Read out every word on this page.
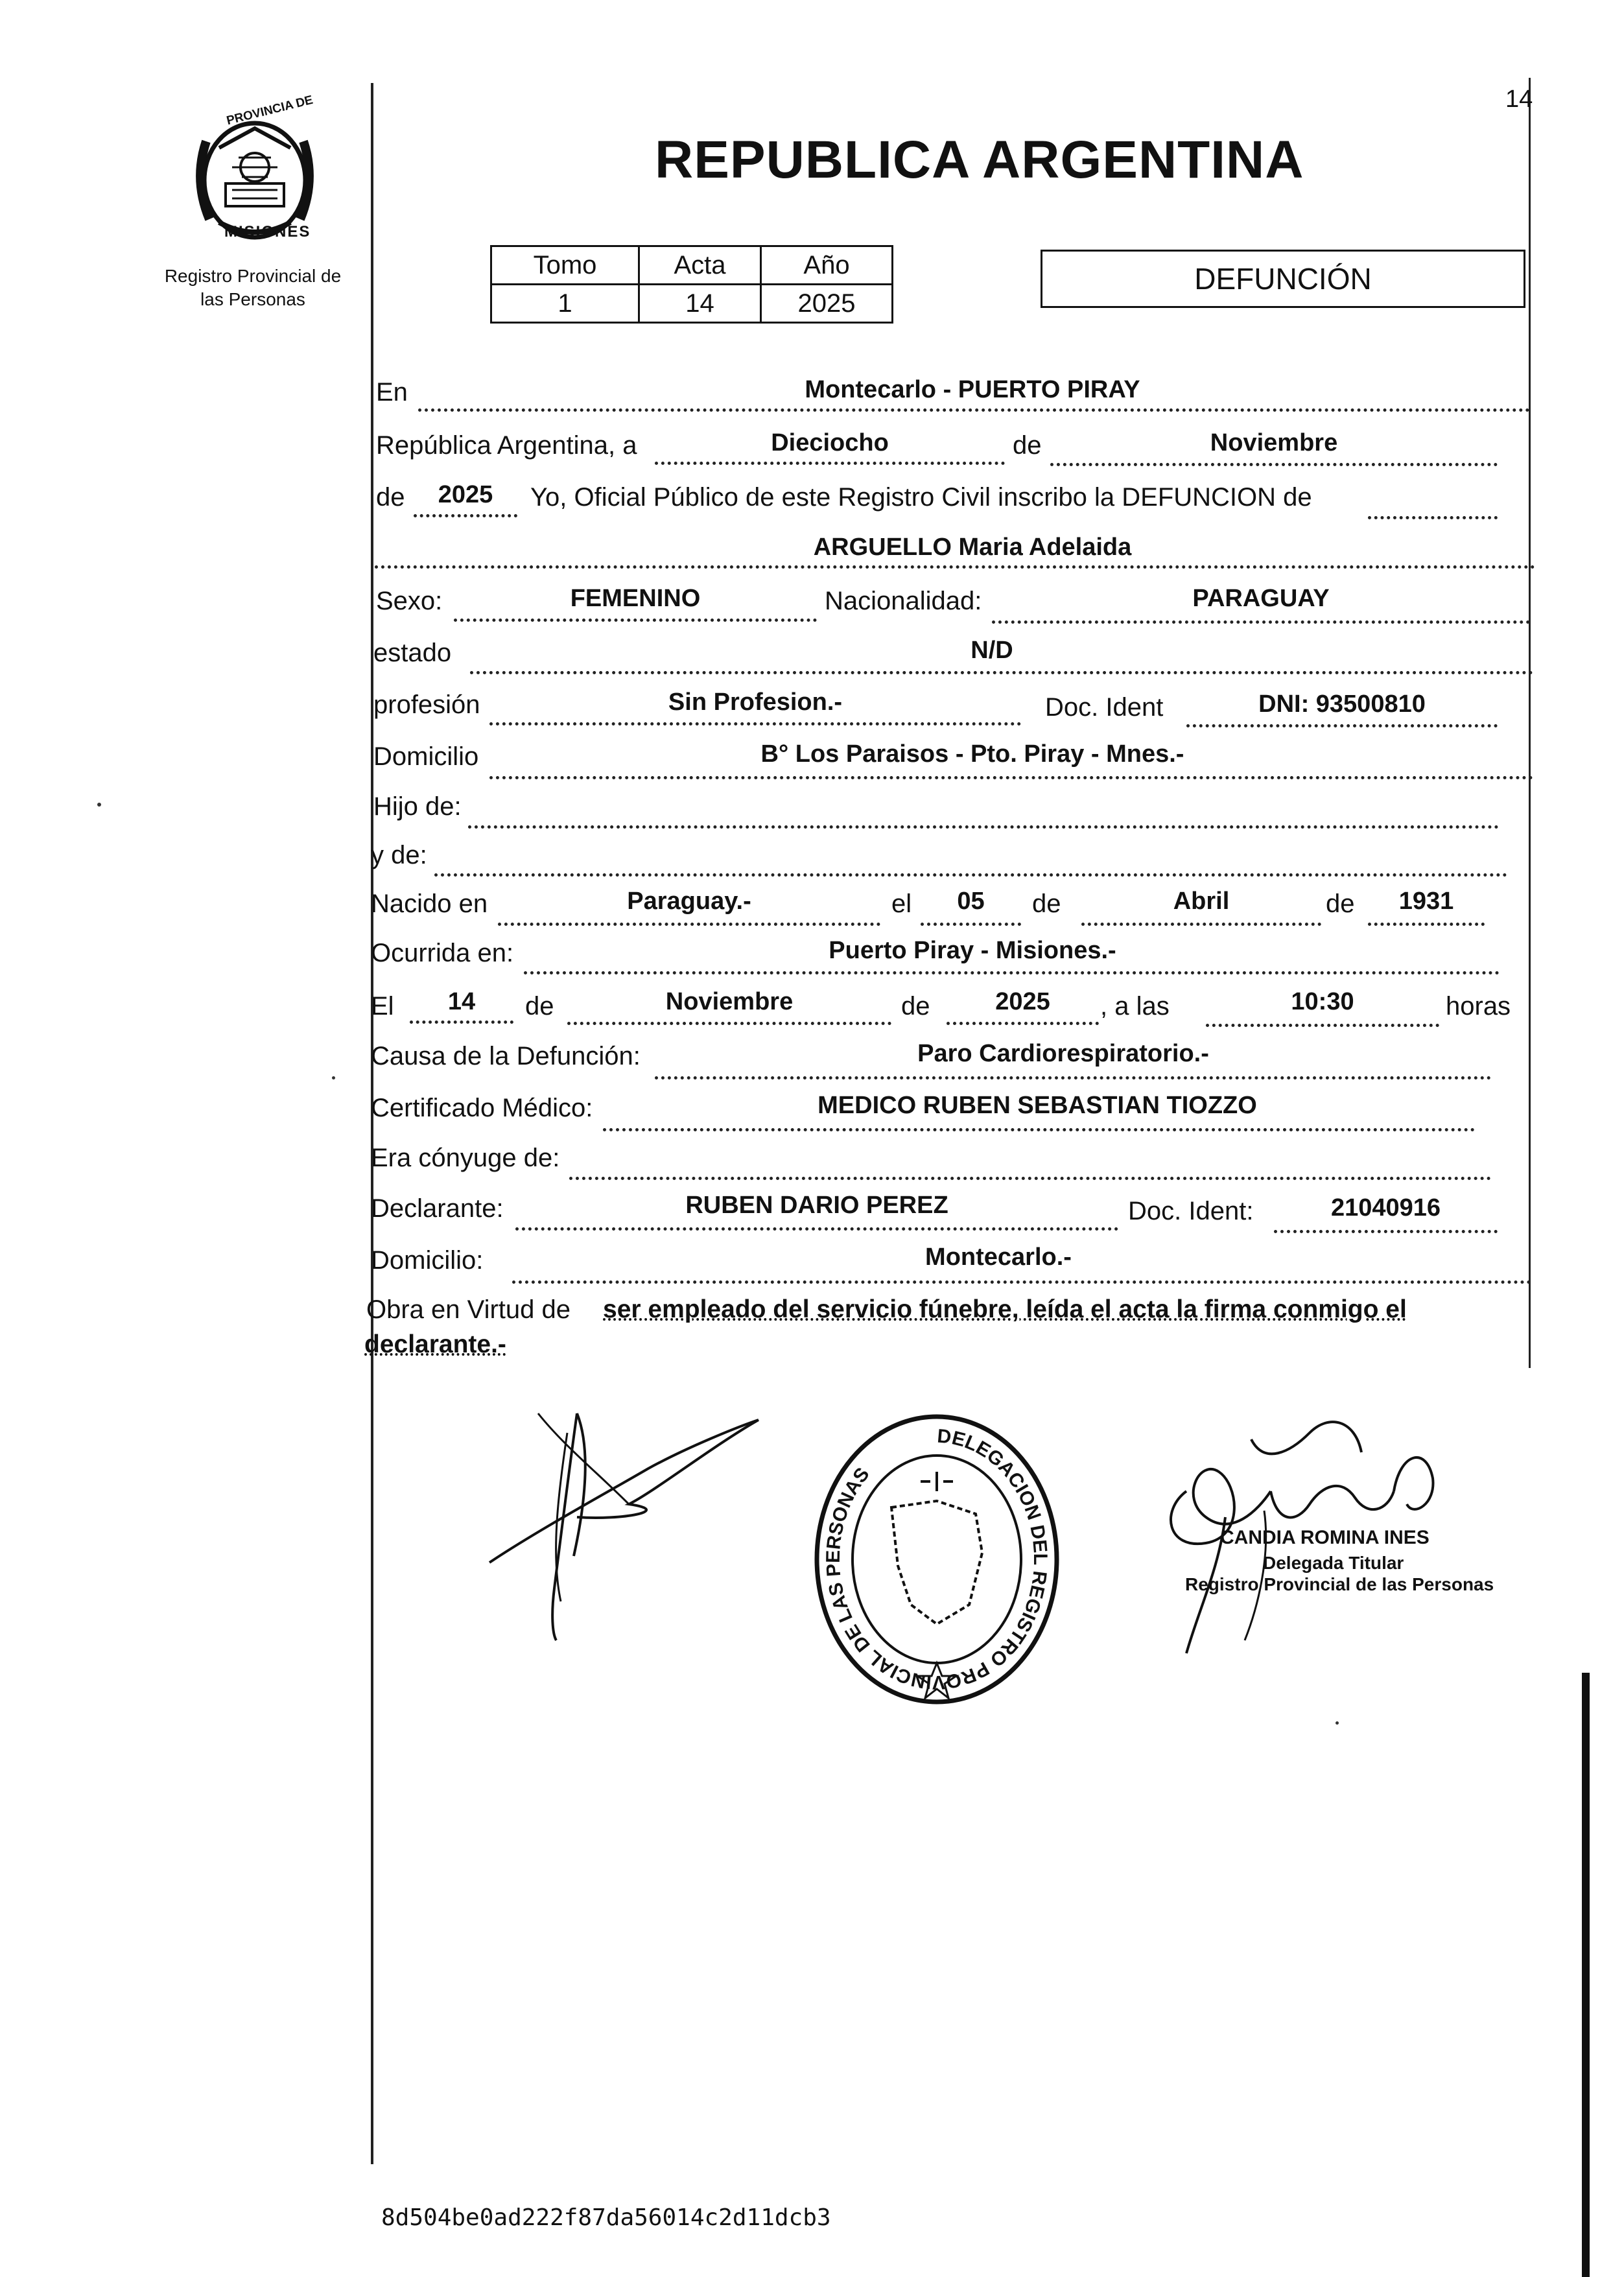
PROVINCIA DE
MISIONES
Registro Provincial de
las Personas
14
REPUBLICA ARGENTINA
Tomo	Acta	Año
1	14	2025
DEFUNCIÓN
En	Montecarlo - PUERTO PIRAY
República Argentina, a	Dieciocho	de	Noviembre
de	2025	Yo, Oficial Público de este Registro Civil inscribo la DEFUNCION de
ARGUELLO Maria Adelaida
Sexo:	FEMENINO	Nacionalidad:	PARAGUAY
estado	N/D
profesión	Sin Profesion.-	Doc. Ident	DNI: 93500810
Domicilio	B° Los Paraisos - Pto. Piray - Mnes.-
Hijo de:
y de:
Nacido en	Paraguay.-	el	05	de	Abril	de	1931
Ocurrida en:	Puerto Piray - Misiones.-
El	14	de	Noviembre	de	2025	, a las	10:30	horas
Causa de la Defunción:	Paro Cardiorespiratorio.-
Certificado Médico:	MEDICO RUBEN SEBASTIAN TIOZZO
Era cónyuge de:
Declarante:	RUBEN DARIO PEREZ	Doc. Ident:	21040916
Domicilio:	Montecarlo.-
Obra en Virtud de ser empleado del servicio fúnebre, leída el acta la firma conmigo el
declarante.-
DELEGACION DEL REGISTRO PROVINCIAL DE LAS PERSONAS
CANDIA ROMINA INES
Delegada Titular
Registro Provincial de las Personas
8d504be0ad222f87da56014c2d11dcb3
